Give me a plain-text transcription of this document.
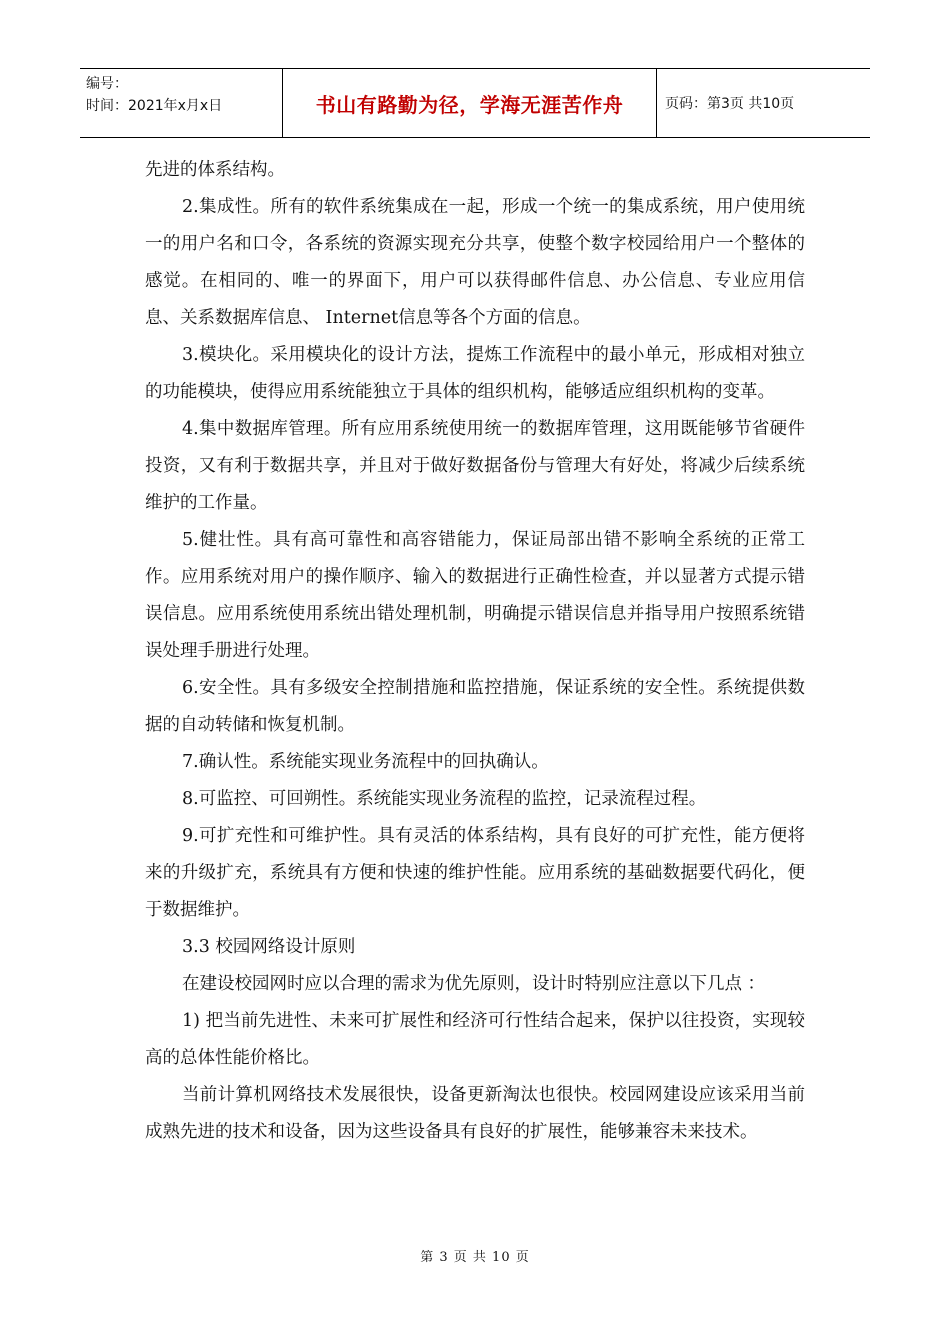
编号：
时间：2021年x月x日	书山有路勤为径，学海无涯苦作舟	页码：第3页 共10页

先进的体系结构。

2.集成性。所有的软件系统集成在一起，形成一个统一的集成系统，用户使用统一的用户名和口令，各系统的资源实现充分共享，使整个数字校园给用户一个整体的感觉。在相同的、唯一的界面下，用户可以获得邮件信息、办公信息、专业应用信息、关系数据库信息、 Internet信息等各个方面的信息。

3.模块化。采用模块化的设计方法，提炼工作流程中的最小单元，形成相对独立的功能模块，使得应用系统能独立于具体的组织机构，能够适应组织机构的变革。

4.集中数据库管理。所有应用系统使用统一的数据库管理，这用既能够节省硬件投资，又有利于数据共享，并且对于做好数据备份与管理大有好处，将减少后续系统维护的工作量。

5.健壮性。具有高可靠性和高容错能力，保证局部出错不影响全系统的正常工作。应用系统对用户的操作顺序、输入的数据进行正确性检查，并以显著方式提示错误信息。应用系统使用系统出错处理机制，明确提示错误信息并指导用户按照系统错误处理手册进行处理。

6.安全性。具有多级安全控制措施和监控措施，保证系统的安全性。系统提供数据的自动转储和恢复机制。

7.确认性。系统能实现业务流程中的回执确认。

8.可监控、可回朔性。系统能实现业务流程的监控，记录流程过程。

9.可扩充性和可维护性。具有灵活的体系结构，具有良好的可扩充性，能方便将来的升级扩充，系统具有方便和快速的维护性能。应用系统的基础数据要代码化，便于数据维护。

3.3 校园网络设计原则

在建设校园网时应以合理的需求为优先原则，设计时特别应注意以下几点 ：

1) 把当前先进性、未来可扩展性和经济可行性结合起来，保护以往投资，实现较高的总体性能价格比。

当前计算机网络技术发展很快，设备更新淘汰也很快。校园网建设应该采用当前成熟先进的技术和设备，因为这些设备具有良好的扩展性，能够兼容未来技术。

第 3 页 共 10 页
